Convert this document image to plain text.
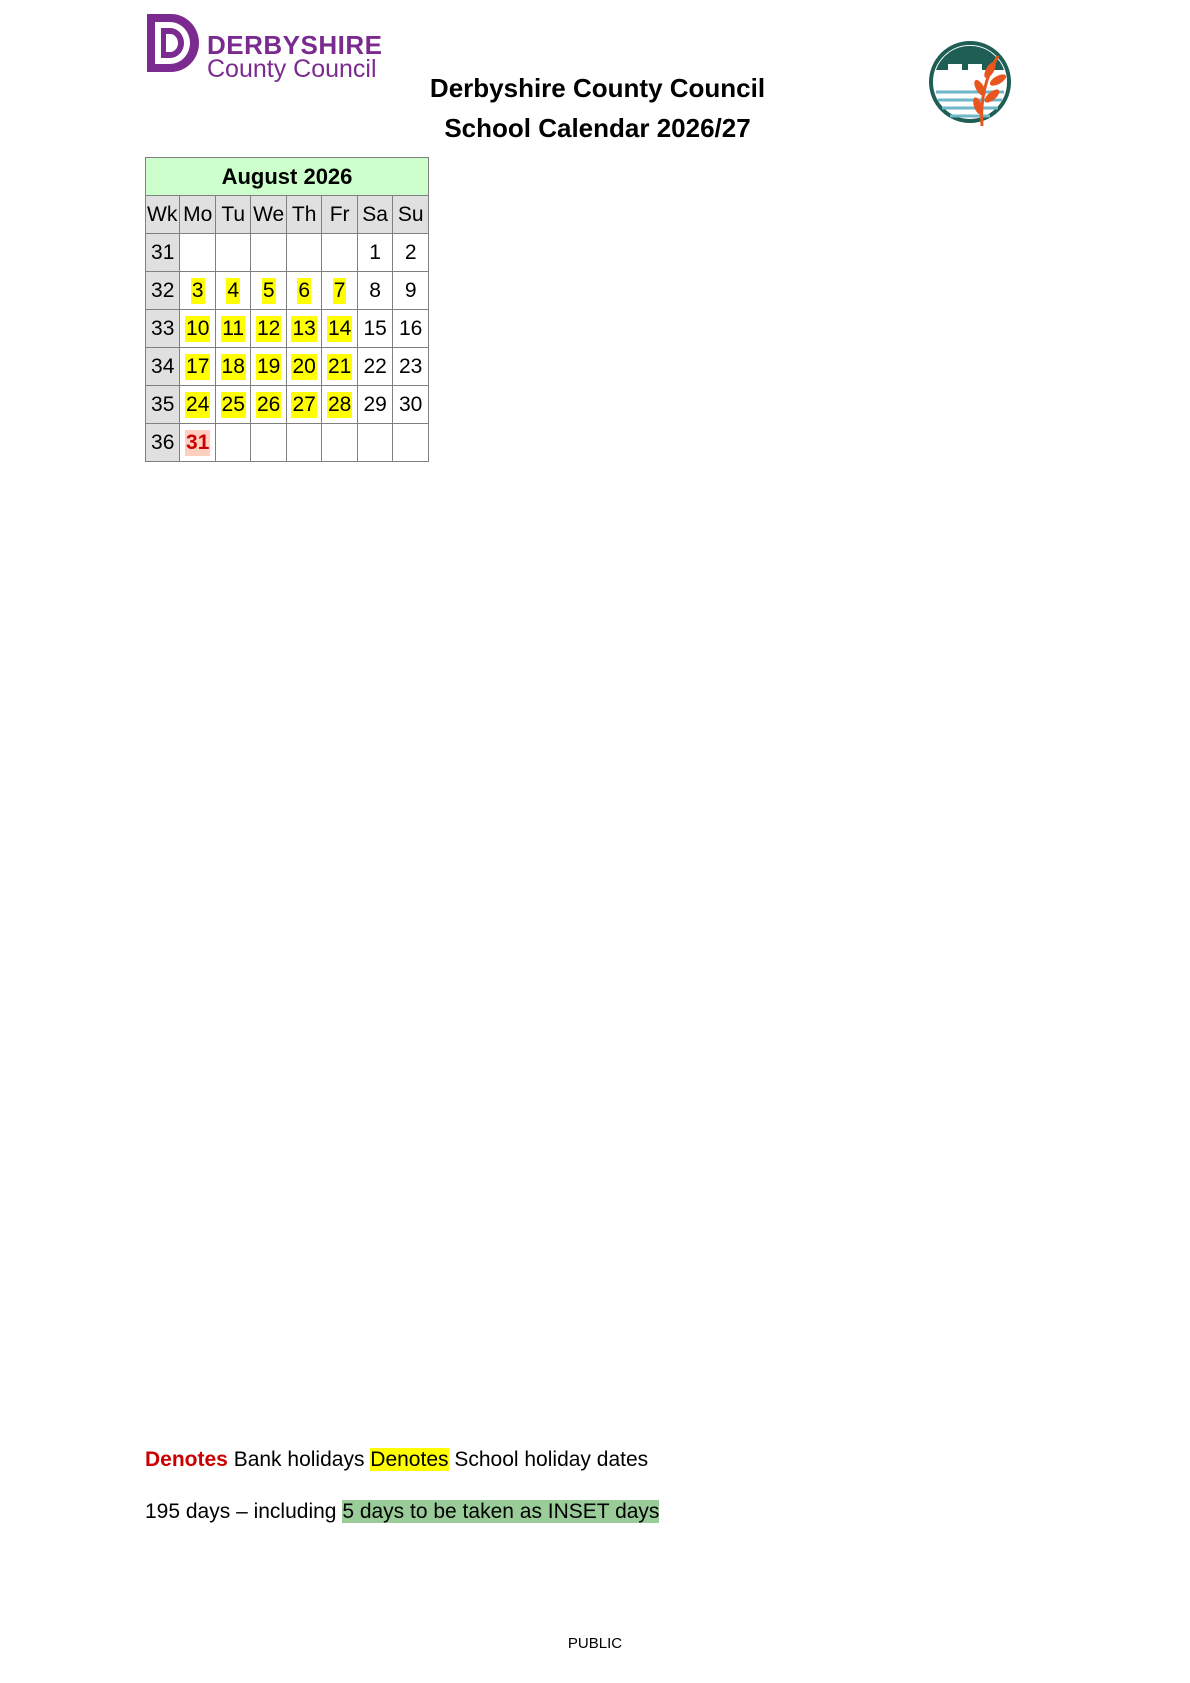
DERBYSHIRE
County Council
Derbyshire County Council
School Calendar 2026/27
August 2026							
Wk	Mo	Tu	We	Th	Fr	Sa	Su
31						1	2
32	3	4	5	6	7	8	9
33	10	11	12	13	14	15	16
34	17	18	19	20	21	22	23
35	24	25	26	27	28	29	30
36	31						
Denotes Bank holidays Denotes School holiday dates
195 days – including 5 days to be taken as INSET days
PUBLIC
